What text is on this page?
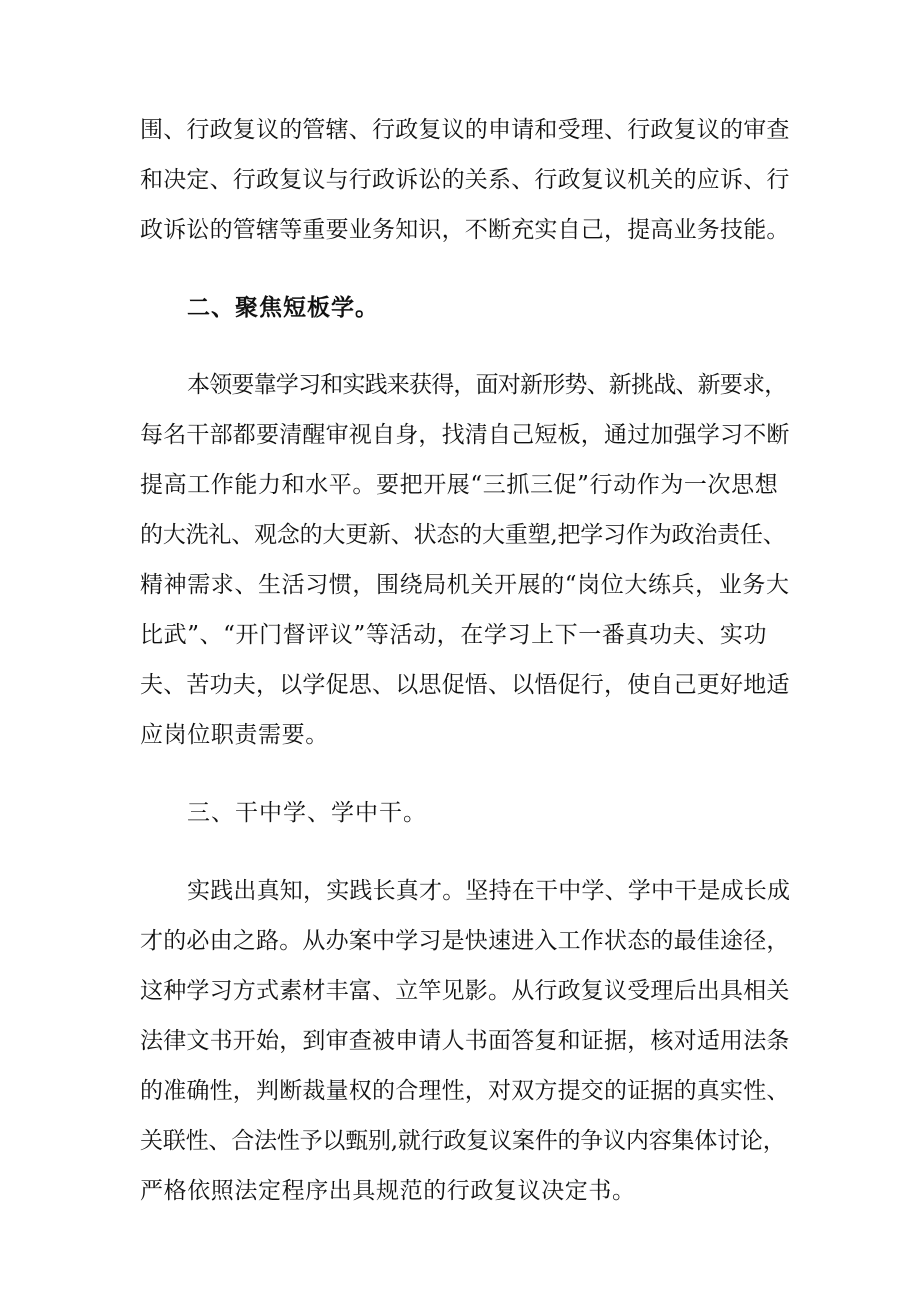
围、行政复议的管辖、行政复议的申请和受理、行政复议的审查
和决定、行政复议与行政诉讼的关系、行政复议机关的应诉、行
政诉讼的管辖等重要业务知识，不断充实自己，提高业务技能。
二、聚焦短板学。
本领要靠学习和实践来获得，面对新形势、新挑战、新要求，
每名干部都要清醒审视自身，找清自己短板，通过加强学习不断
提高工作能力和水平。要把开展“三抓三促”行动作为一次思想
的大洗礼、观念的大更新、状态的大重塑,把学习作为政治责任、
精神需求、生活习惯，围绕局机关开展的“岗位大练兵，业务大
比武”、“开门督评议”等活动，在学习上下一番真功夫、实功
夫、苦功夫，以学促思、以思促悟、以悟促行，使自己更好地适
应岗位职责需要。
三、干中学、学中干。
实践出真知，实践长真才。坚持在干中学、学中干是成长成
才的必由之路。从办案中学习是快速进入工作状态的最佳途径，
这种学习方式素材丰富、立竿见影。从行政复议受理后出具相关
法律文书开始，到审查被申请人书面答复和证据，核对适用法条
的准确性，判断裁量权的合理性，对双方提交的证据的真实性、
关联性、合法性予以甄别,就行政复议案件的争议内容集体讨论，
严格依照法定程序出具规范的行政复议决定书。
